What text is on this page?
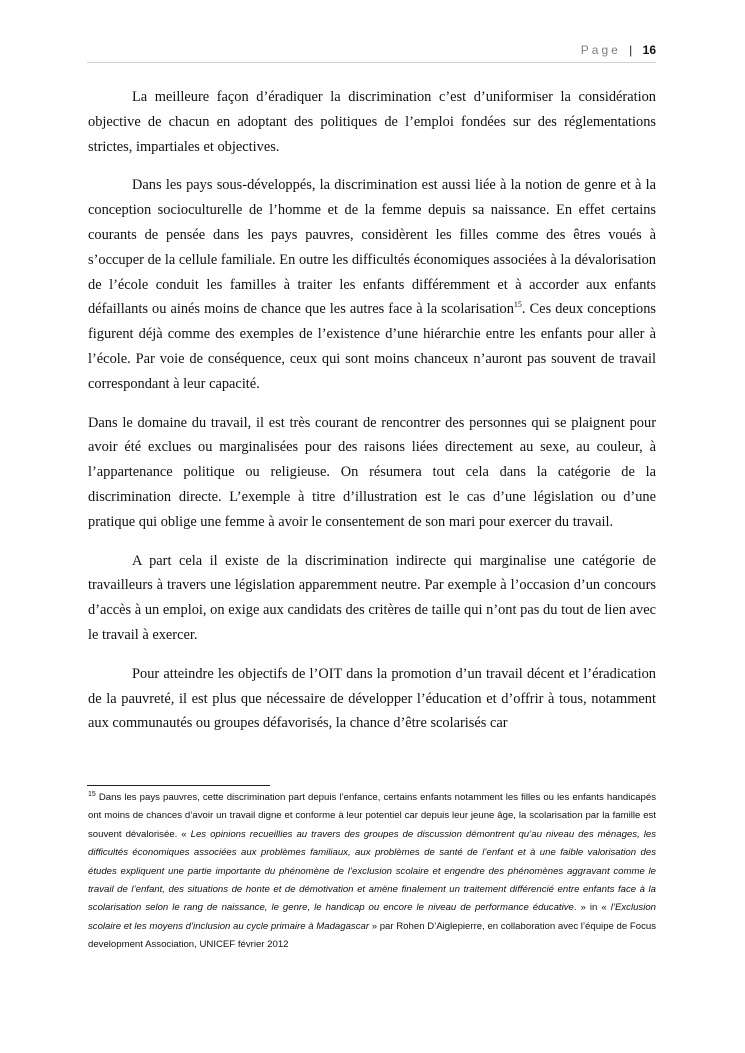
Page | 16

La meilleure façon d’éradiquer la discrimination c’est d’uniformiser la considération objective de chacun en adoptant des politiques de l’emploi fondées sur des réglementations strictes, impartiales et objectives.

Dans les pays sous-développés, la discrimination est aussi liée à la notion de genre et à la conception socioculturelle de l’homme et de la femme depuis sa naissance. En effet certains courants de pensée dans les pays pauvres, considèrent les filles comme des êtres voués à s’occuper de la cellule familiale. En outre les difficultés économiques associées à la dévalorisation de l’école conduit les familles à traiter les enfants différemment et à accorder aux enfants défaillants ou ainés moins de chance que les autres face à la scolarisation$^{15}$. Ces deux conceptions figurent déjà comme des exemples de l’existence d’une hiérarchie entre les enfants pour aller à l’école. Par voie de conséquence, ceux qui sont moins chanceux n’auront pas souvent de travail correspondant à leur capacité.

Dans le domaine du travail, il est très courant de rencontrer des personnes qui se plaignent pour avoir été exclues ou marginalisées pour des raisons liées directement au sexe, au couleur, à l’appartenance politique ou religieuse. On résumera tout cela dans la catégorie de la discrimination directe. L’exemple à titre d’illustration est le cas d’une législation ou d’une pratique qui oblige une femme à avoir le consentement de son mari pour exercer du travail.

A part cela il existe de la discrimination indirecte qui marginalise une catégorie de travailleurs à travers une législation apparemment neutre. Par exemple à l’occasion d’un concours d’accès à un emploi, on exige aux candidats des critères de taille qui n’ont pas du tout de lien avec le travail à exercer.

Pour atteindre les objectifs de l’OIT dans la promotion d’un travail décent et l’éradication de la pauvreté, il est plus que nécessaire de développer l’éducation et d’offrir à tous, notamment aux communautés ou groupes défavorisés, la chance d’être scolarisés car

$^{15}$ Dans les pays pauvres, cette discrimination part depuis l’enfance, certains enfants notamment les filles ou les enfants handicapés ont moins de chances d’avoir un travail digne et conforme à leur potentiel car depuis leur jeune âge, la scolarisation par la famille est souvent dévalorisée. « Les opinions recueillies au travers des groupes de discussion démontrent qu’au niveau des ménages, les difficultés économiques associées aux problèmes familiaux, aux problèmes de santé de l’enfant et à une faible valorisation des études expliquent une partie importante du phénomène de l’exclusion scolaire et engendre des phénomènes aggravant comme le travail de l’enfant, des situations de honte et de démotivation et amène finalement un traitement différencié entre enfants face à la scolarisation selon le rang de naissance, le genre, le handicap ou encore le niveau de performance éducative. » in « l’Exclusion scolaire et les moyens d’inclusion au cycle primaire à Madagascar » par Rohen D’Aiglepierre, en collaboration avec l’équipe de Focus development Association, UNICEF février 2012
